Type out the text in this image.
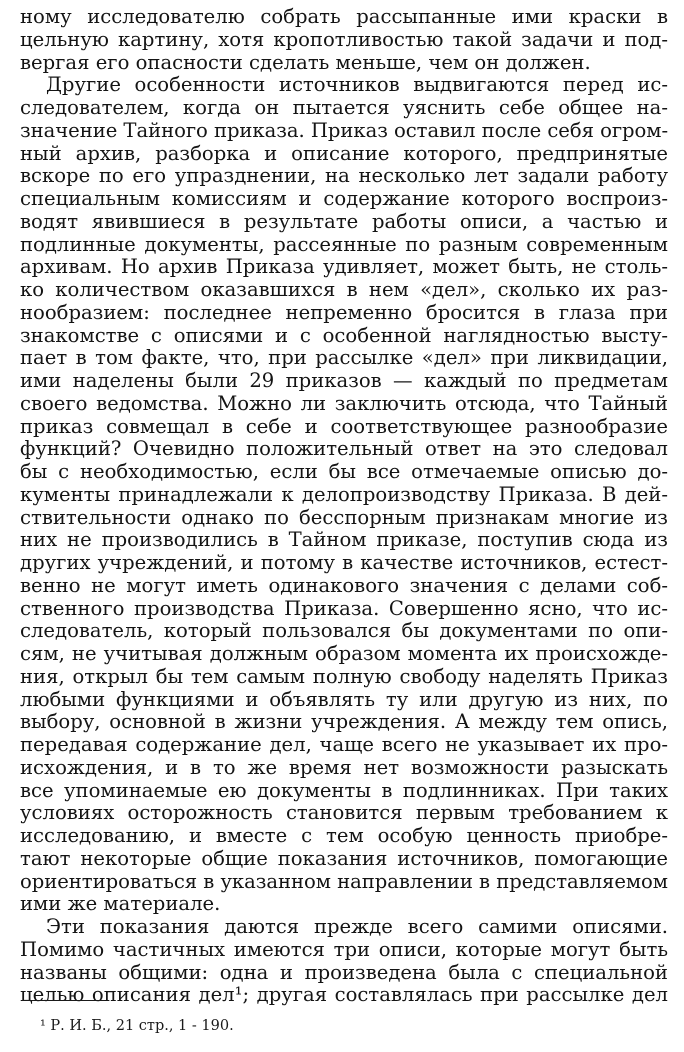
ному исследователю собрать рассыпанные ими краски в
цельную картину, хотя кропотливостью такой задачи и под-
вергая его опасности сделать меньше, чем он должен.
Другие особенности источников выдвигаются перед ис-
следователем, когда он пытается уяснить себе общее на-
значение Тайного приказа. Приказ оставил после себя огром-
ный архив, разборка и описание которого, предпринятые
вскоре по его упразднении, на несколько лет задали работу
специальным комиссиям и содержание которого воспроиз-
водят явившиеся в результате работы описи, а частью и
подлинные документы, рассеянные по разным современным
архивам. Но архив Приказа удивляет, может быть, не столь-
ко количеством оказавшихся в нем «дел», сколько их раз-
нообразием: последнее непременно бросится в глаза при
знакомстве с описями и с особенной наглядностью высту-
пает в том факте, что, при рассылке «дел» при ликвидации,
ими наделены были 29 приказов — каждый по предметам
своего ведомства. Можно ли заключить отсюда, что Тайный
приказ совмещал в себе и соответствующее разнообразие
функций? Очевидно положительный ответ на это следовал
бы с необходимостью, если бы все отмечаемые описью до-
кументы принадлежали к делопроизводству Приказа. В дей-
ствительности однако по бесспорным признакам многие из
них не производились в Тайном приказе, поступив сюда из
других учреждений, и потому в качестве источников, естест-
венно не могут иметь одинакового значения с делами соб-
ственного производства Приказа. Совершенно ясно, что ис-
следователь, который пользовался бы документами по опи-
сям, не учитывая должным образом момента их происхожде-
ния, открыл бы тем самым полную свободу наделять Приказ
любыми функциями и объявлять ту или другую из них, по
выбору, основной в жизни учреждения. А между тем опись,
передавая содержание дел, чаще всего не указывает их про-
исхождения, и в то же время нет возможности разыскать
все упоминаемые ею документы в подлинниках. При таких
условиях осторожность становится первым требованием к
исследованию, и вместе с тем особую ценность приобре-
тают некоторые общие показания источников, помогающие
ориентироваться в указанном направлении в представляемом
ими же материале.
Эти показания даются прежде всего самими описями.
Помимо частичных имеются три описи, которые могут быть
названы общими: одна и произведена была с специальной
целью описания дел¹; другая составлялась при рассылке дел
¹ Р. И. Б., 21 стр., 1 - 190.
